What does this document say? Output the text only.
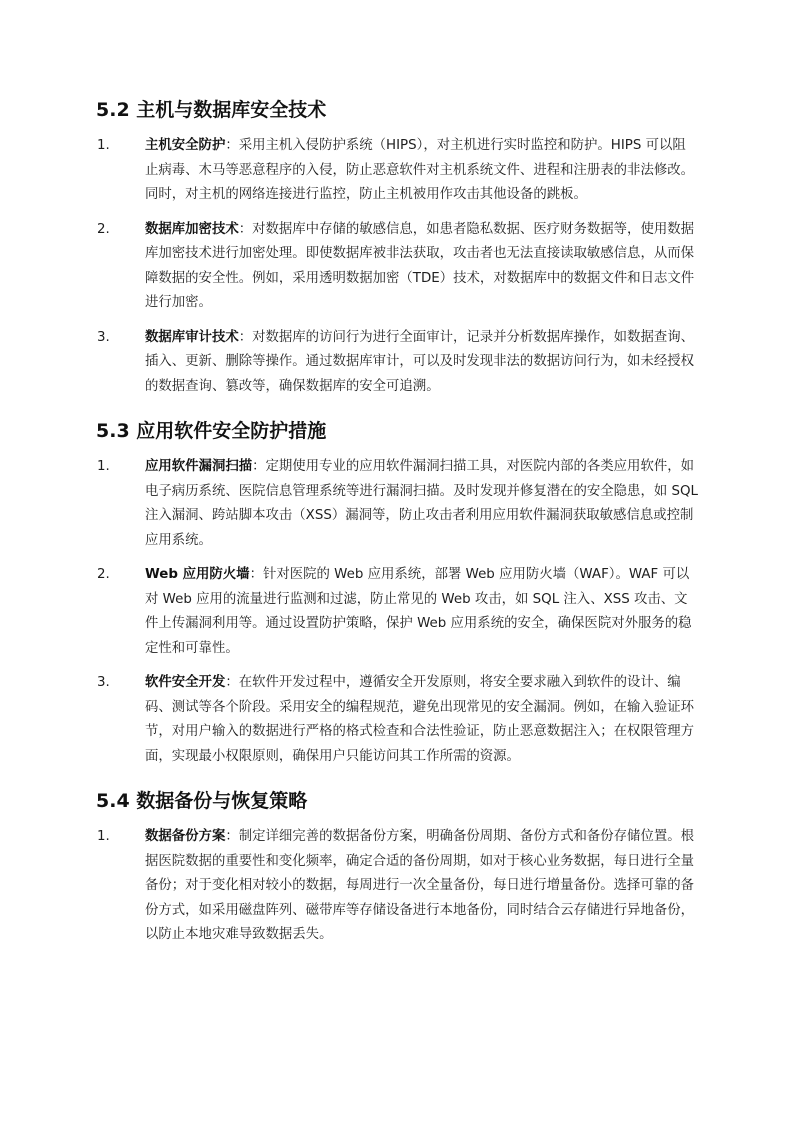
5.2 主机与数据库安全技术
1.	主机安全防护：采用主机入侵防护系统（HIPS），对主机进行实时监控和防护。HIPS 可以阻止病毒、木马等恶意程序的入侵，防止恶意软件对主机系统文件、进程和注册表的非法修改。同时，对主机的网络连接进行监控，防止主机被用作攻击其他设备的跳板。
2.	数据库加密技术：对数据库中存储的敏感信息，如患者隐私数据、医疗财务数据等，使用数据库加密技术进行加密处理。即使数据库被非法获取，攻击者也无法直接读取敏感信息，从而保障数据的安全性。例如，采用透明数据加密（TDE）技术，对数据库中的数据文件和日志文件进行加密。
3.	数据库审计技术：对数据库的访问行为进行全面审计，记录并分析数据库操作，如数据查询、插入、更新、删除等操作。通过数据库审计，可以及时发现非法的数据访问行为，如未经授权的数据查询、篡改等，确保数据库的安全可追溯。
5.3 应用软件安全防护措施
1.	应用软件漏洞扫描：定期使用专业的应用软件漏洞扫描工具，对医院内部的各类应用软件，如电子病历系统、医院信息管理系统等进行漏洞扫描。及时发现并修复潜在的安全隐患，如 SQL 注入漏洞、跨站脚本攻击（XSS）漏洞等，防止攻击者利用应用软件漏洞获取敏感信息或控制应用系统。
2.	Web 应用防火墙：针对医院的 Web 应用系统，部署 Web 应用防火墙（WAF）。WAF 可以对 Web 应用的流量进行监测和过滤，防止常见的 Web 攻击，如 SQL 注入、XSS 攻击、文件上传漏洞利用等。通过设置防护策略，保护 Web 应用系统的安全，确保医院对外服务的稳定性和可靠性。
3.	软件安全开发：在软件开发过程中，遵循安全开发原则，将安全要求融入到软件的设计、编码、测试等各个阶段。采用安全的编程规范，避免出现常见的安全漏洞。例如，在输入验证环节，对用户输入的数据进行严格的格式检查和合法性验证，防止恶意数据注入；在权限管理方面，实现最小权限原则，确保用户只能访问其工作所需的资源。
5.4 数据备份与恢复策略
1.	数据备份方案：制定详细完善的数据备份方案，明确备份周期、备份方式和备份存储位置。根据医院数据的重要性和变化频率，确定合适的备份周期，如对于核心业务数据，每日进行全量备份；对于变化相对较小的数据，每周进行一次全量备份，每日进行增量备份。选择可靠的备份方式，如采用磁盘阵列、磁带库等存储设备进行本地备份，同时结合云存储进行异地备份，以防止本地灾难导致数据丢失。
